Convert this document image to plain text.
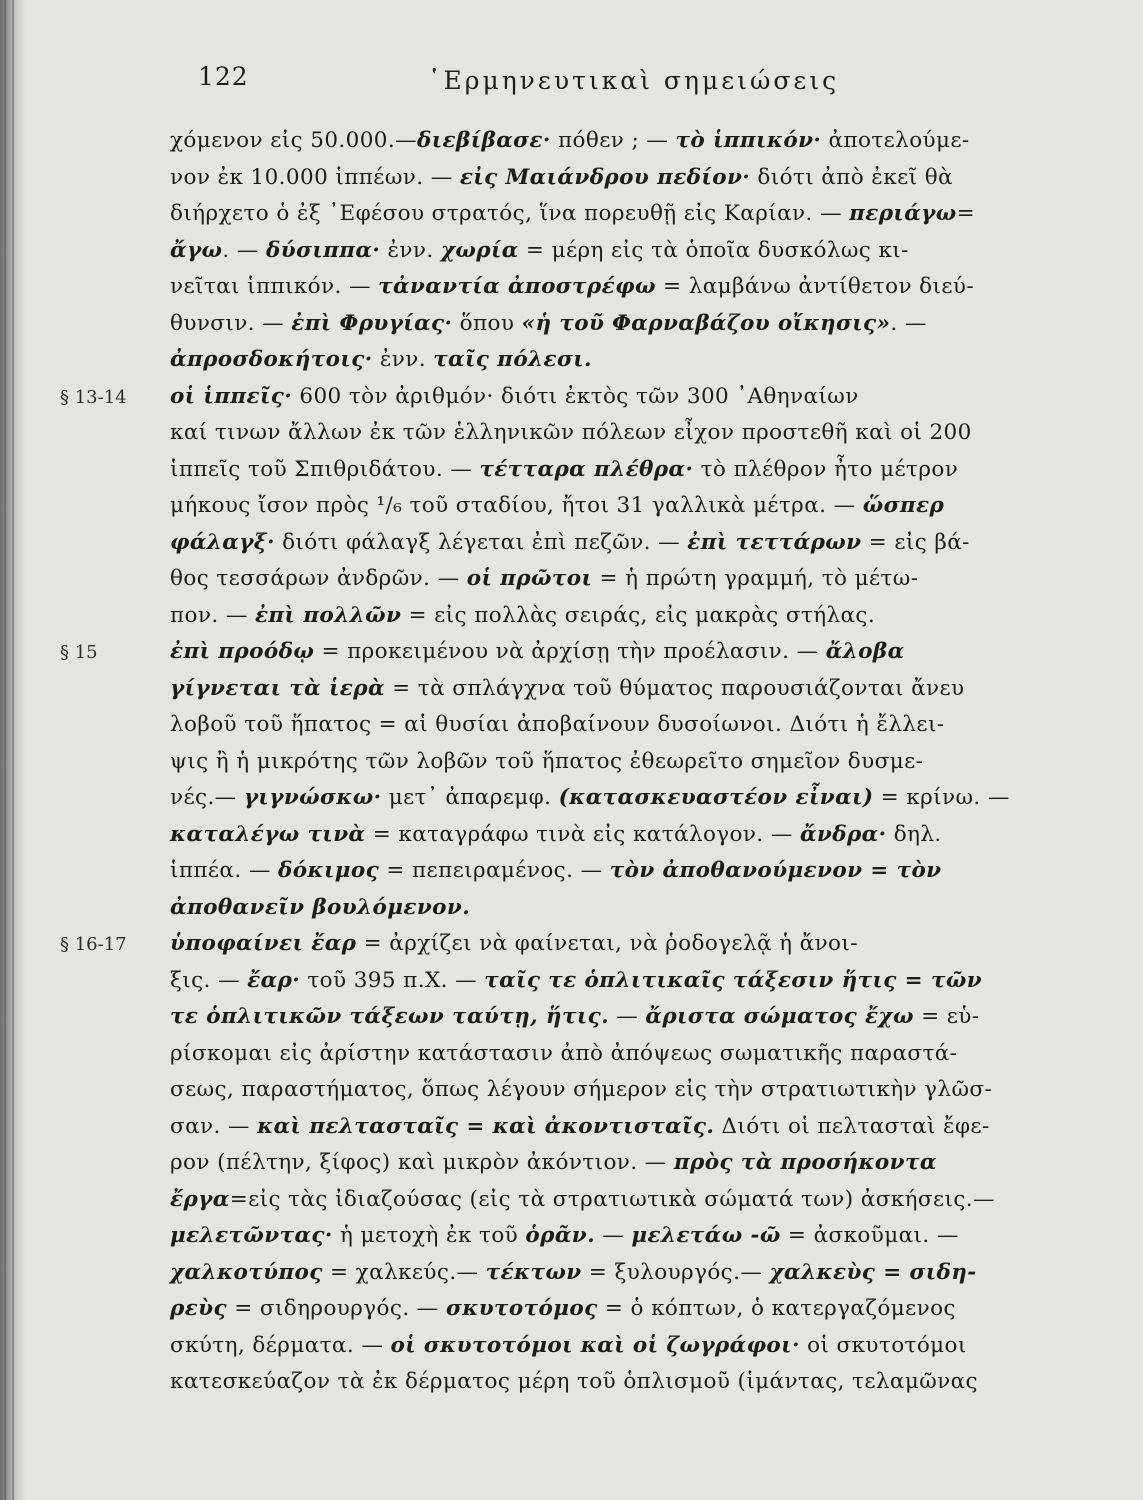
122	῾Ερμηνευτικαὶ σημειώσεις
χόμενον εἰς 50.000.—διεβίβασε· πόθεν ; — τὸ ἱππικόν· ἀποτελούμε-
νον ἐκ 10.000 ἱππέων. — εἰς Μαιάνδρου πεδίον· διότι ἀπὸ ἐκεῖ θὰ
διήρχετο ὁ ἐξ ᾿Εφέσου στρατός, ἵνα πορευθῇ εἰς Καρίαν. — περιάγω=
ἄγω. — δύσιππα· ἐνν. χωρία = μέρη εἰς τὰ ὁποῖα δυσκόλως κι-
νεῖται ἱππικόν. — τἀναντία ἀποστρέφω = λαμβάνω ἀντίθετον διεύ-
θυνσιν. — ἐπὶ Φρυγίας· ὅπου «ἡ τοῦ Φαρναβάζου οἴκησις». —
ἀπροσδοκήτοις· ἐνν. ταῖς πόλεσι.
§ 13-14	οἱ ἱππεῖς· 600 τὸν ἀριθμόν· διότι ἐκτὸς τῶν 300 ᾿Αθηναίων
καί τινων ἄλλων ἐκ τῶν ἑλληνικῶν πόλεων εἶχον προστεθῆ καὶ οἱ 200
ἱππεῖς τοῦ Σπιθριδάτου. — τέτταρα πλέθρα· τὸ πλέθρον ἦτο μέτρον
μήκους ἴσον πρὸς ¹/₆ τοῦ σταδίου, ἤτοι 31 γαλλικὰ μέτρα. — ὥσπερ
φάλαγξ· διότι φάλαγξ λέγεται ἐπὶ πεζῶν. — ἐπὶ τεττάρων = εἰς βά-
θος τεσσάρων ἀνδρῶν. — οἱ πρῶτοι = ἡ πρώτη γραμμή, τὸ μέτω-
πον. — ἐπὶ πολλῶν = εἰς πολλὰς σειράς, εἰς μακρὰς στήλας.
§ 15	ἐπὶ προόδῳ = προκειμένου νὰ ἀρχίσῃ τὴν προέλασιν. — ἄλοβα
γίγνεται τὰ ἱερὰ = τὰ σπλάγχνα τοῦ θύματος παρουσιάζονται ἄνευ
λοβοῦ τοῦ ἥπατος = αἱ θυσίαι ἀποβαίνουν δυσοίωνοι. Διότι ἡ ἔλλει-
ψις ἢ ἡ μικρότης τῶν λοβῶν τοῦ ἥπατος ἐθεωρεῖτο σημεῖον δυσμε-
νές.— γιγνώσκω· μετ᾽ ἀπαρεμφ. (κατασκευαστέον εἶναι) = κρίνω. —
καταλέγω τινὰ = καταγράφω τινὰ εἰς κατάλογον. — ἄνδρα· δηλ.
ἱππέα. — δόκιμος = πεπειραμένος. — τὸν ἀποθανούμενον = τὸν
ἀποθανεῖν βουλόμενον.
§ 16-17	ὑποφαίνει ἔαρ = ἀρχίζει νὰ φαίνεται, νὰ ῥοδογελᾷ ἡ ἄνοι-
ξις. — ἔαρ· τοῦ 395 π.Χ. — ταῖς τε ὁπλιτικαῖς τάξεσιν ἥτις = τῶν
τε ὁπλιτικῶν τάξεων ταύτῃ, ἥτις. — ἄριστα σώματος ἔχω = εὑ-
ρίσκομαι εἰς ἀρίστην κατάστασιν ἀπὸ ἀπόψεως σωματικῆς παραστά-
σεως, παραστήματος, ὅπως λέγουν σήμερον εἰς τὴν στρατιωτικὴν γλῶσ-
σαν. — καὶ πελτασταῖς = καὶ ἀκοντισταῖς. Διότι οἱ πελτασταὶ ἔφε-
ρον (πέλτην, ξίφος) καὶ μικρὸν ἀκόντιον. — πρὸς τὰ προσήκοντα
ἔργα=εἰς τὰς ἰδιαζούσας (εἰς τὰ στρατιωτικὰ σώματά των) ἀσκήσεις.—
μελετῶντας· ἡ μετοχὴ ἐκ τοῦ ὁρᾶν. — μελετάω -ῶ = ἀσκοῦμαι. —
χαλκοτύπος = χαλκεύς.— τέκτων = ξυλουργός.— χαλκεὺς = σιδη-
ρεὺς = σιδηρουργός. — σκυτοτόμος = ὁ κόπτων, ὁ κατεργαζόμενος
σκύτη, δέρματα. — οἱ σκυτοτόμοι καὶ οἱ ζωγράφοι· οἱ σκυτοτόμοι
κατεσκεύαζον τὰ ἐκ δέρματος μέρη τοῦ ὁπλισμοῦ (ἱμάντας, τελαμῶνας
